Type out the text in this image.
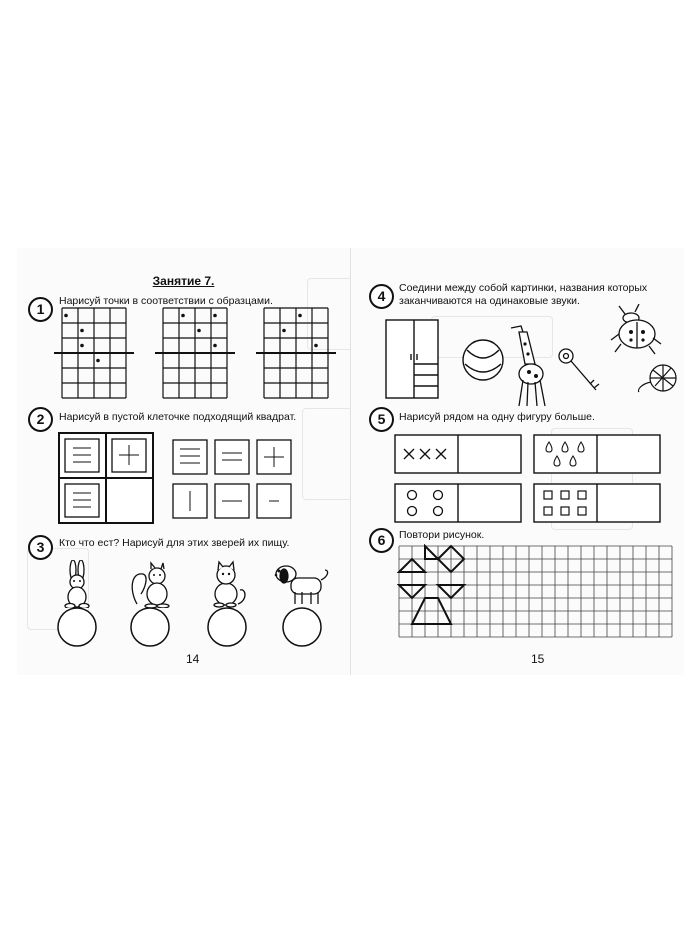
Занятие 7.
1	Нарисуй точки в соответствии с образцами.
2	Нарисуй в пустой клеточке подходящий квадрат.
3	Кто что ест? Нарисуй для этих зверей их пищу.
14
4	Соедини между собой картинки, названия которых заканчиваются на одинаковые звуки.
5	Нарисуй рядом на одну фигуру больше.
6	Повтори рисунок.
15
